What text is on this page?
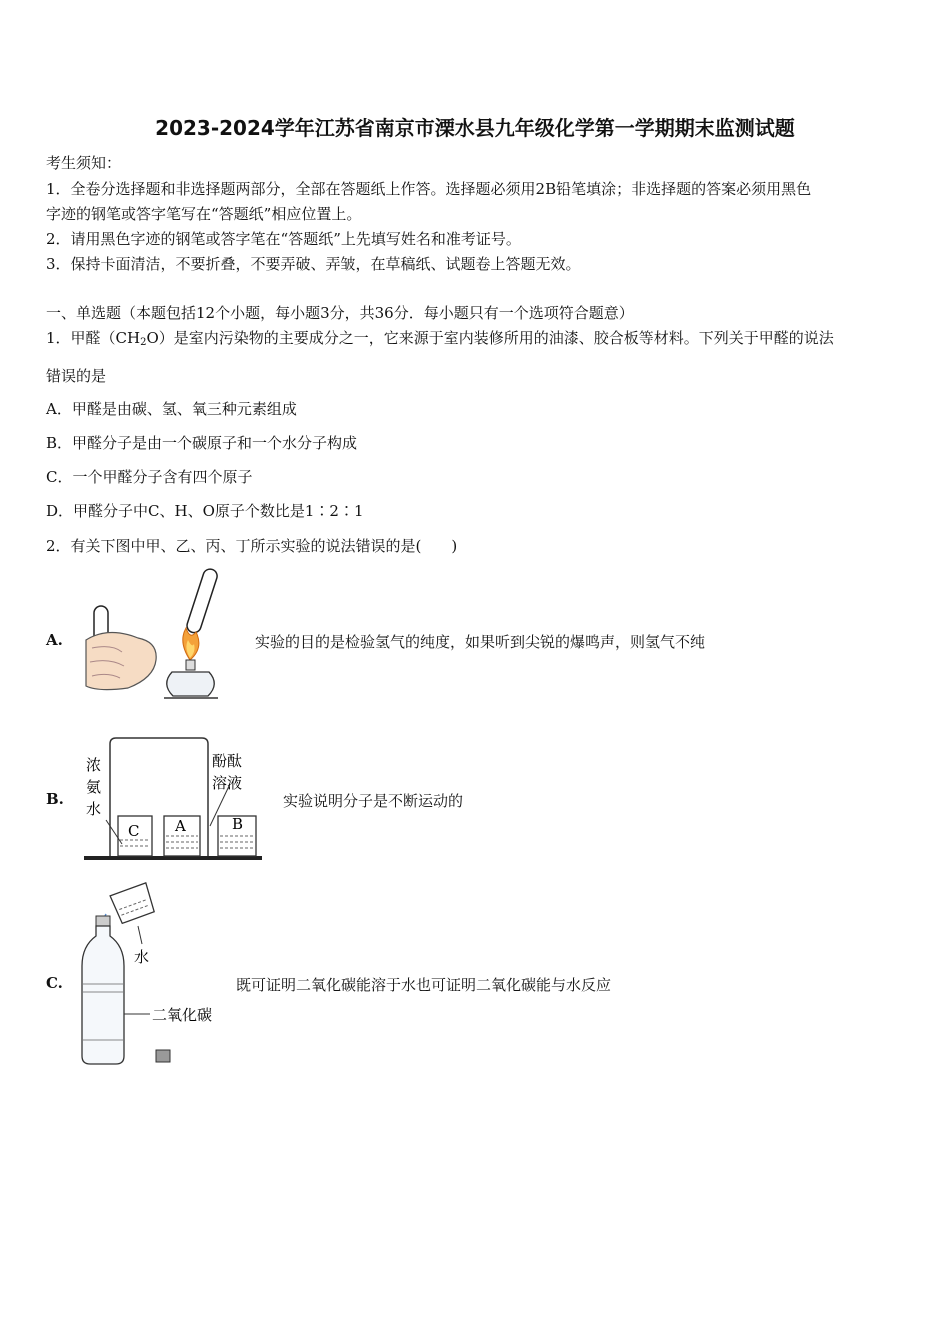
2023-2024学年江苏省南京市溧水县九年级化学第一学期期末监测试题
考生须知：
1．全卷分选择题和非选择题两部分，全部在答题纸上作答。选择题必须用2B铅笔填涂；非选择题的答案必须用黑色
字迹的钢笔或答字笔写在“答题纸”相应位置上。
2．请用黑色字迹的钢笔或答字笔在“答题纸”上先填写姓名和准考证号。
3．保持卡面清洁，不要折叠，不要弄破、弄皱，在草稿纸、试题卷上答题无效。
一、单选题（本题包括12个小题，每小题3分，共36分．每小题只有一个选项符合题意）
1．甲醛$(CH_2O)$是室内污染物的主要成分之一，它来源于室内装修所用的油漆、胶合板等材料。下列关于甲醛的说法
错误的是
A．甲醛是由碳、氢、氧三种元素组成
B．甲醛分子是由一个碳原子和一个水分子构成
C．一个甲醛分子含有四个原子
D．甲醛分子中C、H、O原子个数比是1∶2∶1
2．有关下图中甲、乙、丙、丁所示实验的说法错误的是(　　)
A.	实验的目的是检验氢气的纯度，如果听到尖锐的爆鸣声，则氢气不纯
B.
C A	B
浓
氨
水
酚酞
溶液
实验说明分子是不断运动的
C.
水
二氧化碳
既可证明二氧化碳能溶于水也可证明二氧化碳能与水反应
